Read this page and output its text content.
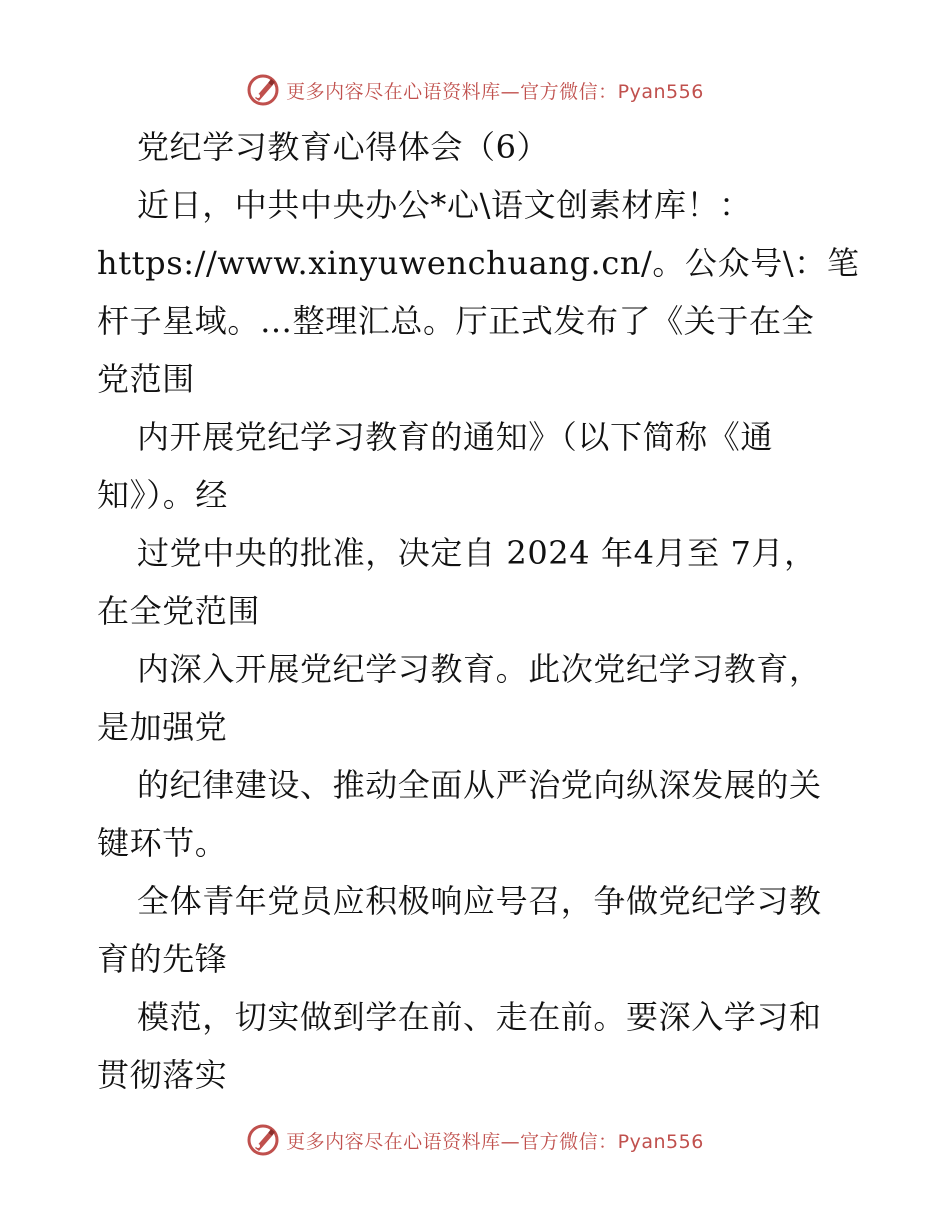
更多内容尽在心语资料库—官方微信：Pyan556
党纪学习教育心得体会（6）
近日，中共中央办公*心\语文创素材库！：
https://www.xinyuwenchuang.cn/。公众号\：笔
杆子星域。…整理汇总。厅正式发布了《关于在全
党范围
内开展党纪学习教育的通知》（以下简称《通
知》）。经
过党中央的批准，决定自 2024 年4月至 7月，
在全党范围
内深入开展党纪学习教育。此次党纪学习教育，
是加强党
的纪律建设、推动全面从严治党向纵深发展的关
键环节。
全体青年党员应积极响应号召，争做党纪学习教
育的先锋
模范，切实做到学在前、走在前。要深入学习和
贯彻落实
更多内容尽在心语资料库—官方微信：Pyan556
